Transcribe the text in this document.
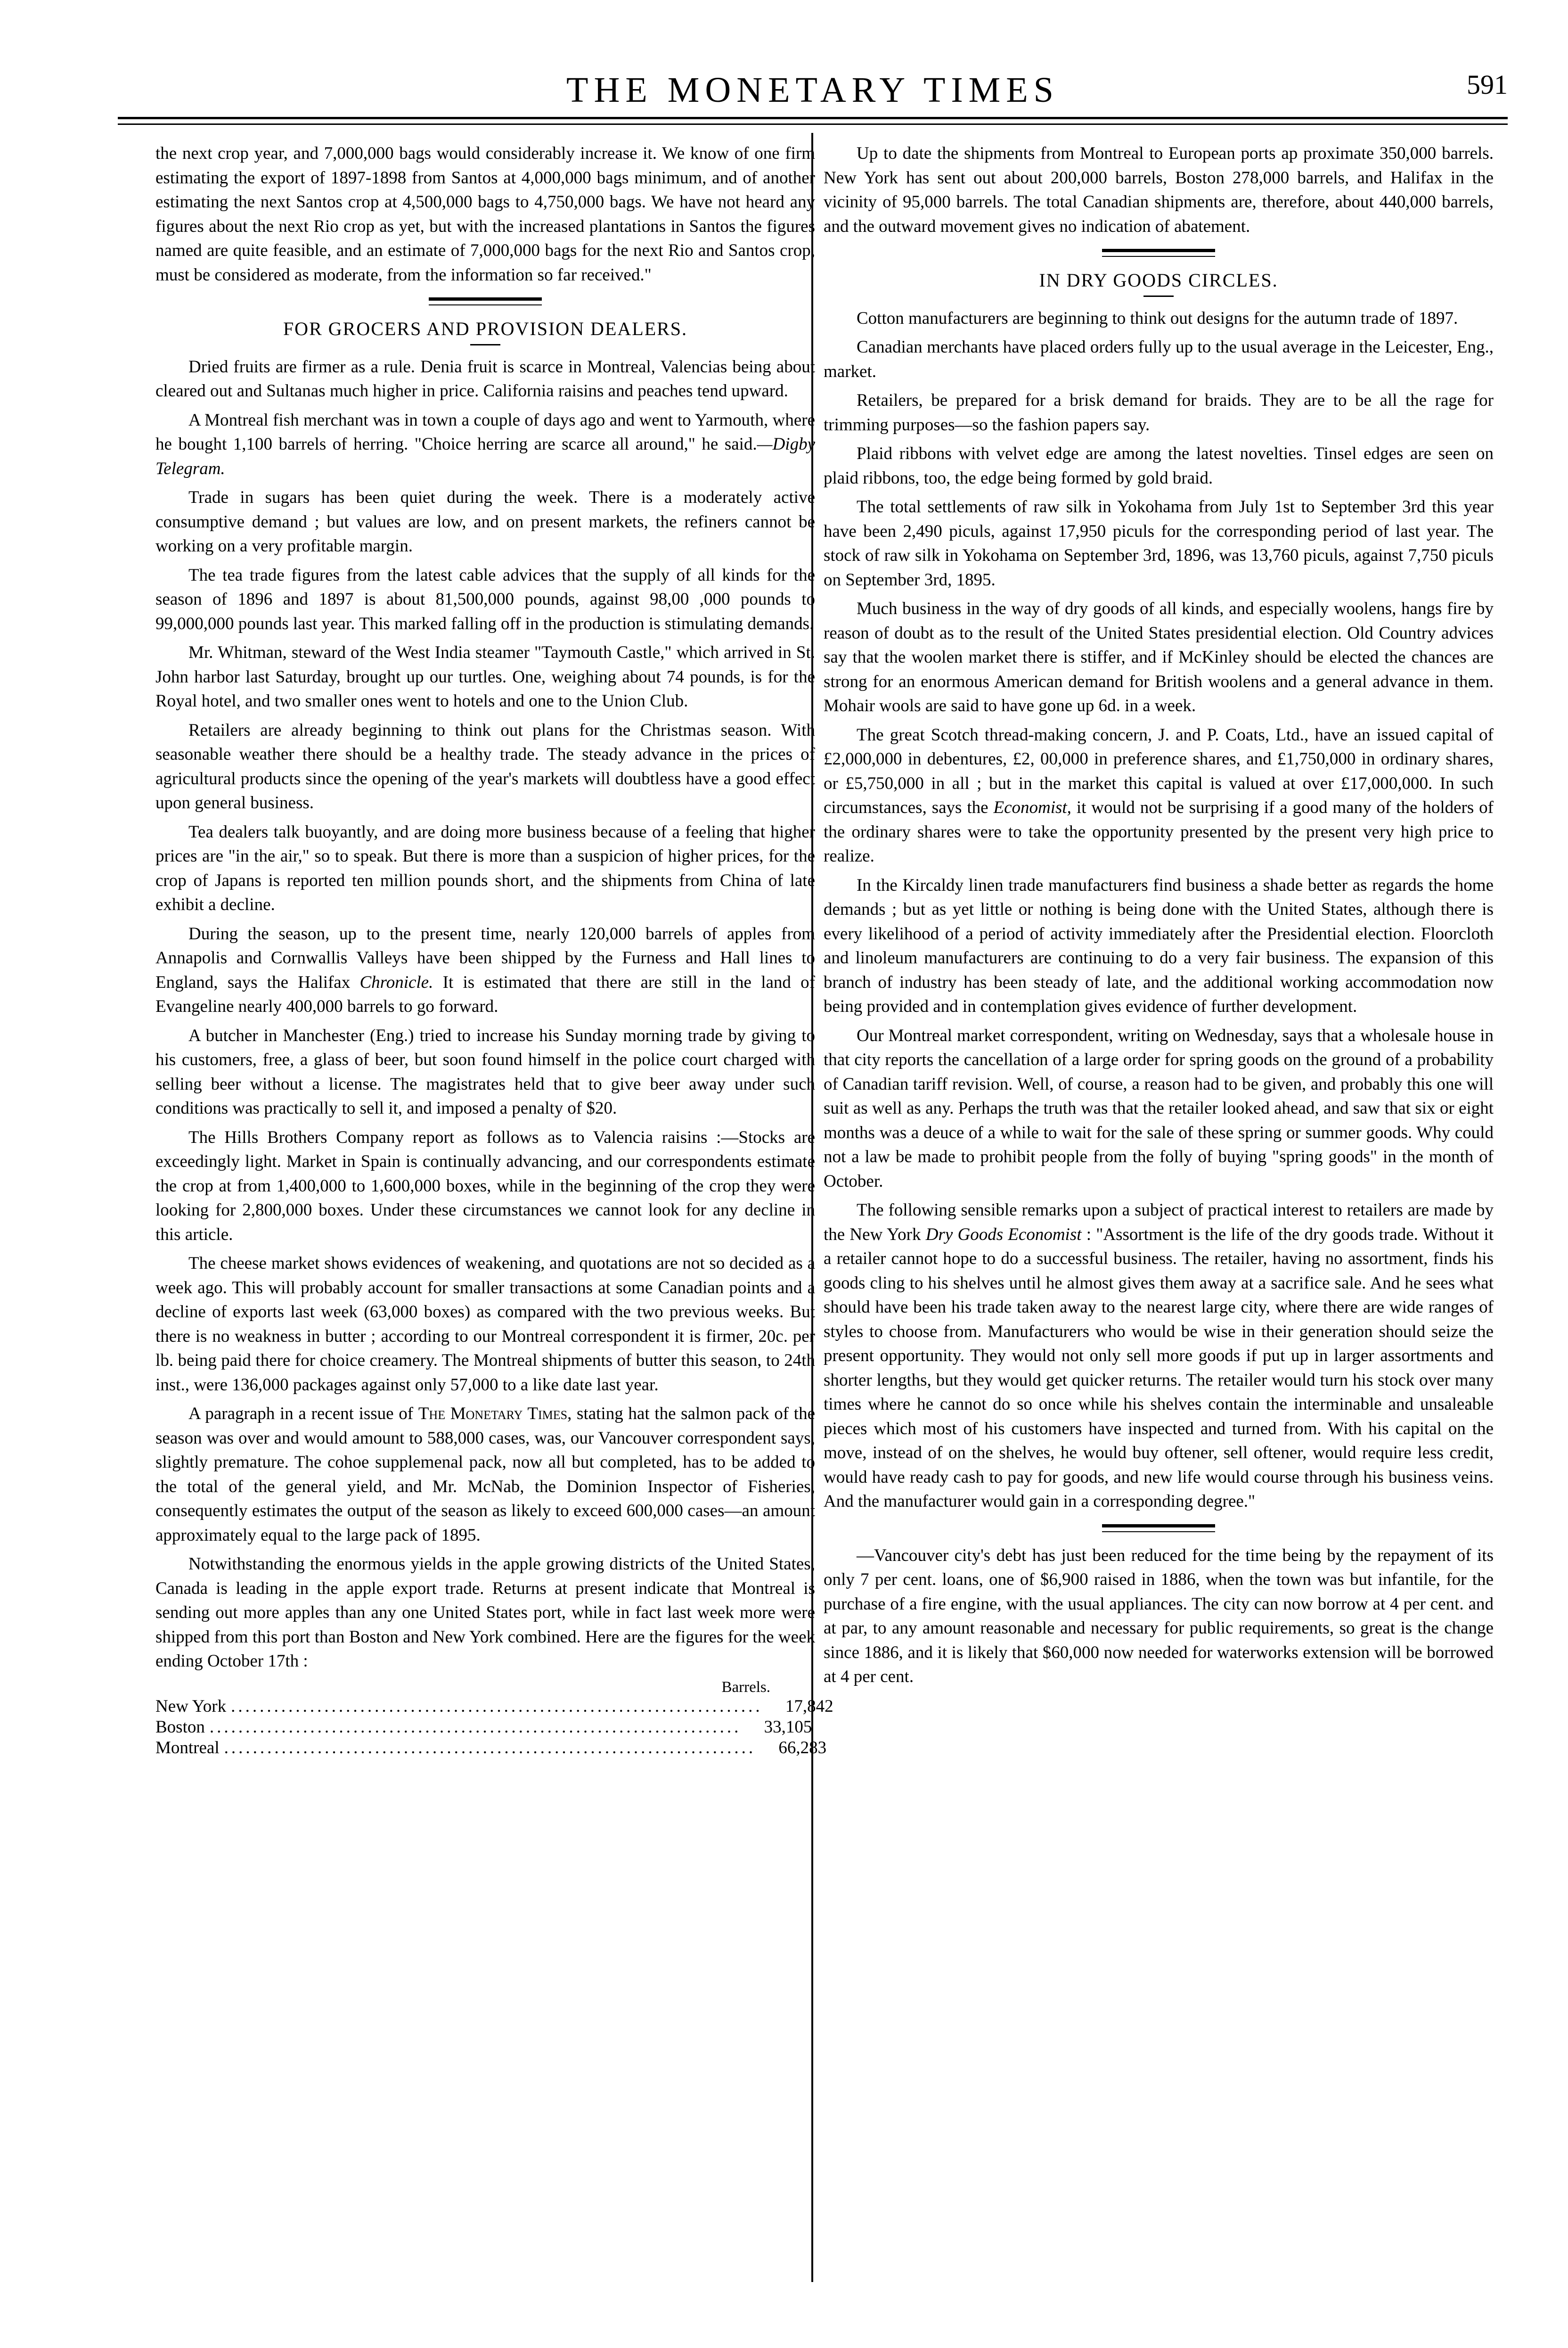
THE MONETARY TIMES	591

the next crop year, and 7,000,000 bags would considerably increase it. We know of one firm estimating the export of 1897-1898 from Santos at 4,000,000 bags minimum, and of another estimating the next Santos crop at 4,500,000 bags to 4,750,000 bags. We have not heard any figures about the next Rio crop as yet, but with the increased plantations in Santos the figures named are quite feasible, and an estimate of 7,000,000 bags for the next Rio and Santos crop, must be considered as moderate, from the information so far received."

FOR GROCERS AND PROVISION DEALERS.

Dried fruits are firmer as a rule. Denia fruit is scarce in Montreal, Valencias being about cleared out and Sultanas much higher in price. California raisins and peaches tend upward.

A Montreal fish merchant was in town a couple of days ago and went to Yarmouth, where he bought 1,100 barrels of herring. "Choice herring are scarce all around," he said.—Digby Telegram.

Trade in sugars has been quiet during the week. There is a moderately active consumptive demand ; but values are low, and on present markets, the refiners cannot be working on a very profitable margin.

The tea trade figures from the latest cable advices that the supply of all kinds for the season of 1896 and 1897 is about 81,500,000 pounds, against 98,00 ,000 pounds to 99,000,000 pounds last year. This marked falling off in the production is stimulating demands.

Mr. Whitman, steward of the West India steamer "Taymouth Castle," which arrived in St. John harbor last Saturday, brought up our turtles. One, weighing about 74 pounds, is for the Royal hotel, and two smaller ones went to hotels and one to the Union Club.

Retailers are already beginning to think out plans for the Christmas season. With seasonable weather there should be a healthy trade. The steady advance in the prices of agricultural products since the opening of the year's markets will doubtless have a good effect upon general business.

Tea dealers talk buoyantly, and are doing more business because of a feeling that higher prices are "in the air," so to speak. But there is more than a suspicion of higher prices, for the crop of Japans is reported ten million pounds short, and the shipments from China of late exhibit a decline.

During the season, up to the present time, nearly 120,000 barrels of apples from Annapolis and Cornwallis Valleys have been shipped by the Furness and Hall lines to England, says the Halifax Chronicle. It is estimated that there are still in the land of Evangeline nearly 400,000 barrels to go forward.

A butcher in Manchester (Eng.) tried to increase his Sunday morning trade by giving to his customers, free, a glass of beer, but soon found himself in the police court charged with selling beer without a license. The magistrates held that to give beer away under such conditions was practically to sell it, and imposed a penalty of $20.

The Hills Brothers Company report as follows as to Valencia raisins :—Stocks are exceedingly light. Market in Spain is continually advancing, and our correspondents estimate the crop at from 1,400,000 to 1,600,000 boxes, while in the beginning of the crop they were looking for 2,800,000 boxes. Under these circumstances we cannot look for any decline in this article.

The cheese market shows evidences of weakening, and quotations are not so decided as a week ago. This will probably account for smaller transactions at some Canadian points and a decline of exports last week (63,000 boxes) as compared with the two previous weeks. But there is no weakness in butter ; according to our Montreal correspondent it is firmer, 20c. per lb. being paid there for choice creamery. The Montreal shipments of butter this season, to 24th inst., were 136,000 packages against only 57,000 to a like date last year.

A paragraph in a recent issue of The Monetary Times, stating hat the salmon pack of the season was over and would amount to 588,000 cases, was, our Vancouver correspondent says, slightly premature. The cohoe supplemenal pack, now all but completed, has to be added to the total of the general yield, and Mr. McNab, the Dominion Inspector of Fisheries, consequently estimates the output of the season as likely to exceed 600,000 cases—an amount approximately equal to the large pack of 1895.

Notwithstanding the enormous yields in the apple growing districts of the United States, Canada is leading in the apple export trade. Returns at present indicate that Montreal is sending out more apples than any one United States port, while in fact last week more were shipped from this port than Boston and New York combined. Here are the figures for the week ending October 17th :

Barrels.
New York ..........................................................................	17,842
Boston ..........................................................................	33,105
Montreal ..........................................................................	66,283

Up to date the shipments from Montreal to European ports ap proximate 350,000 barrels. New York has sent out about 200,000 barrels, Boston 278,000 barrels, and Halifax in the vicinity of 95,000 barrels. The total Canadian shipments are, therefore, about 440,000 barrels, and the outward movement gives no indication of abatement.

IN DRY GOODS CIRCLES.

Cotton manufacturers are beginning to think out designs for the autumn trade of 1897.

Canadian merchants have placed orders fully up to the usual average in the Leicester, Eng., market.

Retailers, be prepared for a brisk demand for braids. They are to be all the rage for trimming purposes—so the fashion papers say.

Plaid ribbons with velvet edge are among the latest novelties. Tinsel edges are seen on plaid ribbons, too, the edge being formed by gold braid.

The total settlements of raw silk in Yokohama from July 1st to September 3rd this year have been 2,490 piculs, against 17,950 piculs for the corresponding period of last year. The stock of raw silk in Yokohama on September 3rd, 1896, was 13,760 piculs, against 7,750 piculs on September 3rd, 1895.

Much business in the way of dry goods of all kinds, and especially woolens, hangs fire by reason of doubt as to the result of the United States presidential election. Old Country advices say that the woolen market there is stiffer, and if McKinley should be elected the chances are strong for an enormous American demand for British woolens and a general advance in them. Mohair wools are said to have gone up 6d. in a week.

The great Scotch thread-making concern, J. and P. Coats, Ltd., have an issued capital of £2,000,000 in debentures, £2, 00,000 in preference shares, and £1,750,000 in ordinary shares, or £5,750,000 in all ; but in the market this capital is valued at over £17,000,000. In such circumstances, says the Economist, it would not be surprising if a good many of the holders of the ordinary shares were to take the opportunity presented by the present very high price to realize.

In the Kircaldy linen trade manufacturers find business a shade better as regards the home demands ; but as yet little or nothing is being done with the United States, although there is every likelihood of a period of activity immediately after the Presidential election. Floorcloth and linoleum manufacturers are continuing to do a very fair business. The expansion of this branch of industry has been steady of late, and the additional working accommodation now being provided and in contemplation gives evidence of further development.

Our Montreal market correspondent, writing on Wednesday, says that a wholesale house in that city reports the cancellation of a large order for spring goods on the ground of a probability of Canadian tariff revision. Well, of course, a reason had to be given, and probably this one will suit as well as any. Perhaps the truth was that the retailer looked ahead, and saw that six or eight months was a deuce of a while to wait for the sale of these spring or summer goods. Why could not a law be made to prohibit people from the folly of buying "spring goods" in the month of October.

The following sensible remarks upon a subject of practical interest to retailers are made by the New York Dry Goods Economist : "Assortment is the life of the dry goods trade. Without it a retailer cannot hope to do a successful business. The retailer, having no assortment, finds his goods cling to his shelves until he almost gives them away at a sacrifice sale. And he sees what should have been his trade taken away to the nearest large city, where there are wide ranges of styles to choose from. Manufacturers who would be wise in their generation should seize the present opportunity. They would not only sell more goods if put up in larger assortments and shorter lengths, but they would get quicker returns. The retailer would turn his stock over many times where he cannot do so once while his shelves contain the interminable and unsaleable pieces which most of his customers have inspected and turned from. With his capital on the move, instead of on the shelves, he would buy oftener, sell oftener, would require less credit, would have ready cash to pay for goods, and new life would course through his business veins. And the manufacturer would gain in a corresponding degree."

—Vancouver city's debt has just been reduced for the time being by the repayment of its only 7 per cent. loans, one of $6,900 raised in 1886, when the town was but infantile, for the purchase of a fire engine, with the usual appliances. The city can now borrow at 4 per cent. and at par, to any amount reasonable and necessary for public requirements, so great is the change since 1886, and it is likely that $60,000 now needed for waterworks extension will be borrowed at 4 per cent.
